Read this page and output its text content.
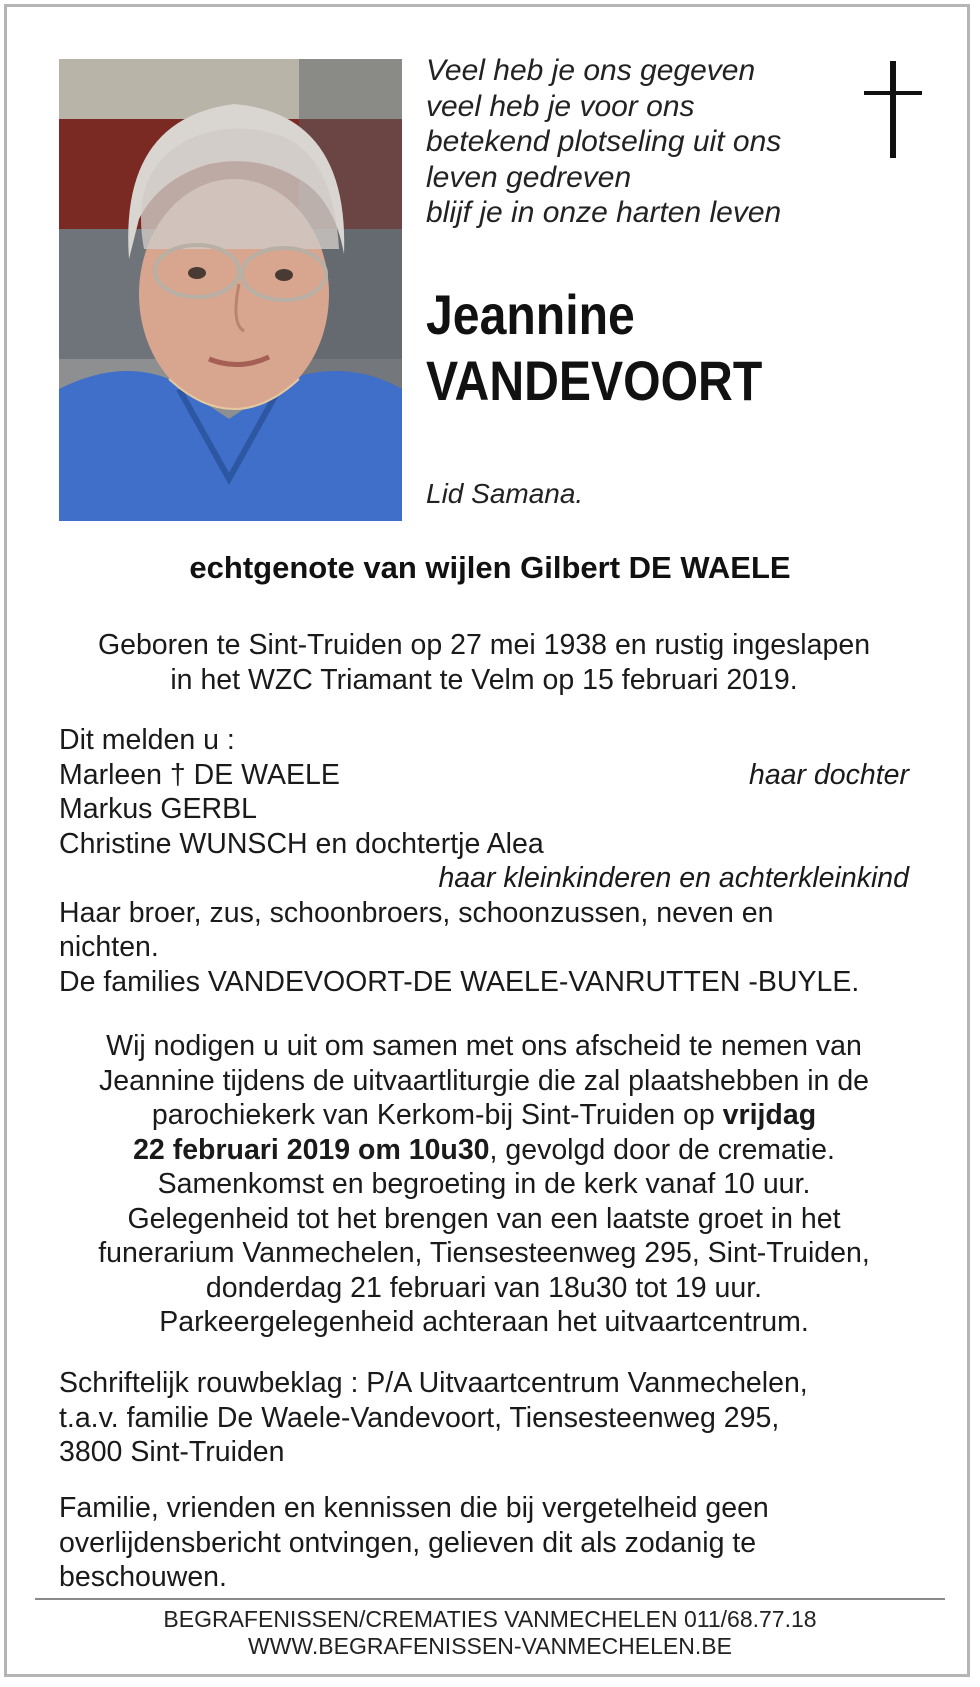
Veel heb je ons gegeven
veel heb je voor ons
betekend plotseling uit ons
leven gedreven
blijf je in onze harten leven
Jeannine
VANDEVOORT
Lid Samana.
echtgenote van wijlen Gilbert DE WAELE
Geboren te Sint-Truiden op 27 mei 1938 en rustig ingeslapen
in het WZC Triamant te Velm op 15 februari 2019.
Dit melden u :
Marleen † DE WAELE	haar dochter
Markus GERBL
Christine WUNSCH en dochtertje Alea
haar kleinkinderen en achterkleinkind
Haar broer, zus, schoonbroers, schoonzussen, neven en
nichten.
De families VANDEVOORT-DE WAELE-VANRUTTEN -BUYLE.
Wij nodigen u uit om samen met ons afscheid te nemen van
Jeannine tijdens de uitvaartliturgie die zal plaatshebben in de
parochiekerk van Kerkom-bij Sint-Truiden op vrijdag
22 februari 2019 om 10u30, gevolgd door de crematie.
Samenkomst en begroeting in de kerk vanaf 10 uur.
Gelegenheid tot het brengen van een laatste groet in het
funerarium Vanmechelen, Tiensesteenweg 295, Sint-Truiden,
donderdag 21 februari van 18u30 tot 19 uur.
Parkeergelegenheid achteraan het uitvaartcentrum.
Schriftelijk rouwbeklag : P/A Uitvaartcentrum Vanmechelen,
t.a.v. familie De Waele-Vandevoort, Tiensesteenweg 295,
3800 Sint-Truiden
Familie, vrienden en kennissen die bij vergetelheid geen
overlijdensbericht ontvingen, gelieven dit als zodanig te
beschouwen.
BEGRAFENISSEN/CREMATIES VANMECHELEN 011/68.77.18
WWW.BEGRAFENISSEN-VANMECHELEN.BE
